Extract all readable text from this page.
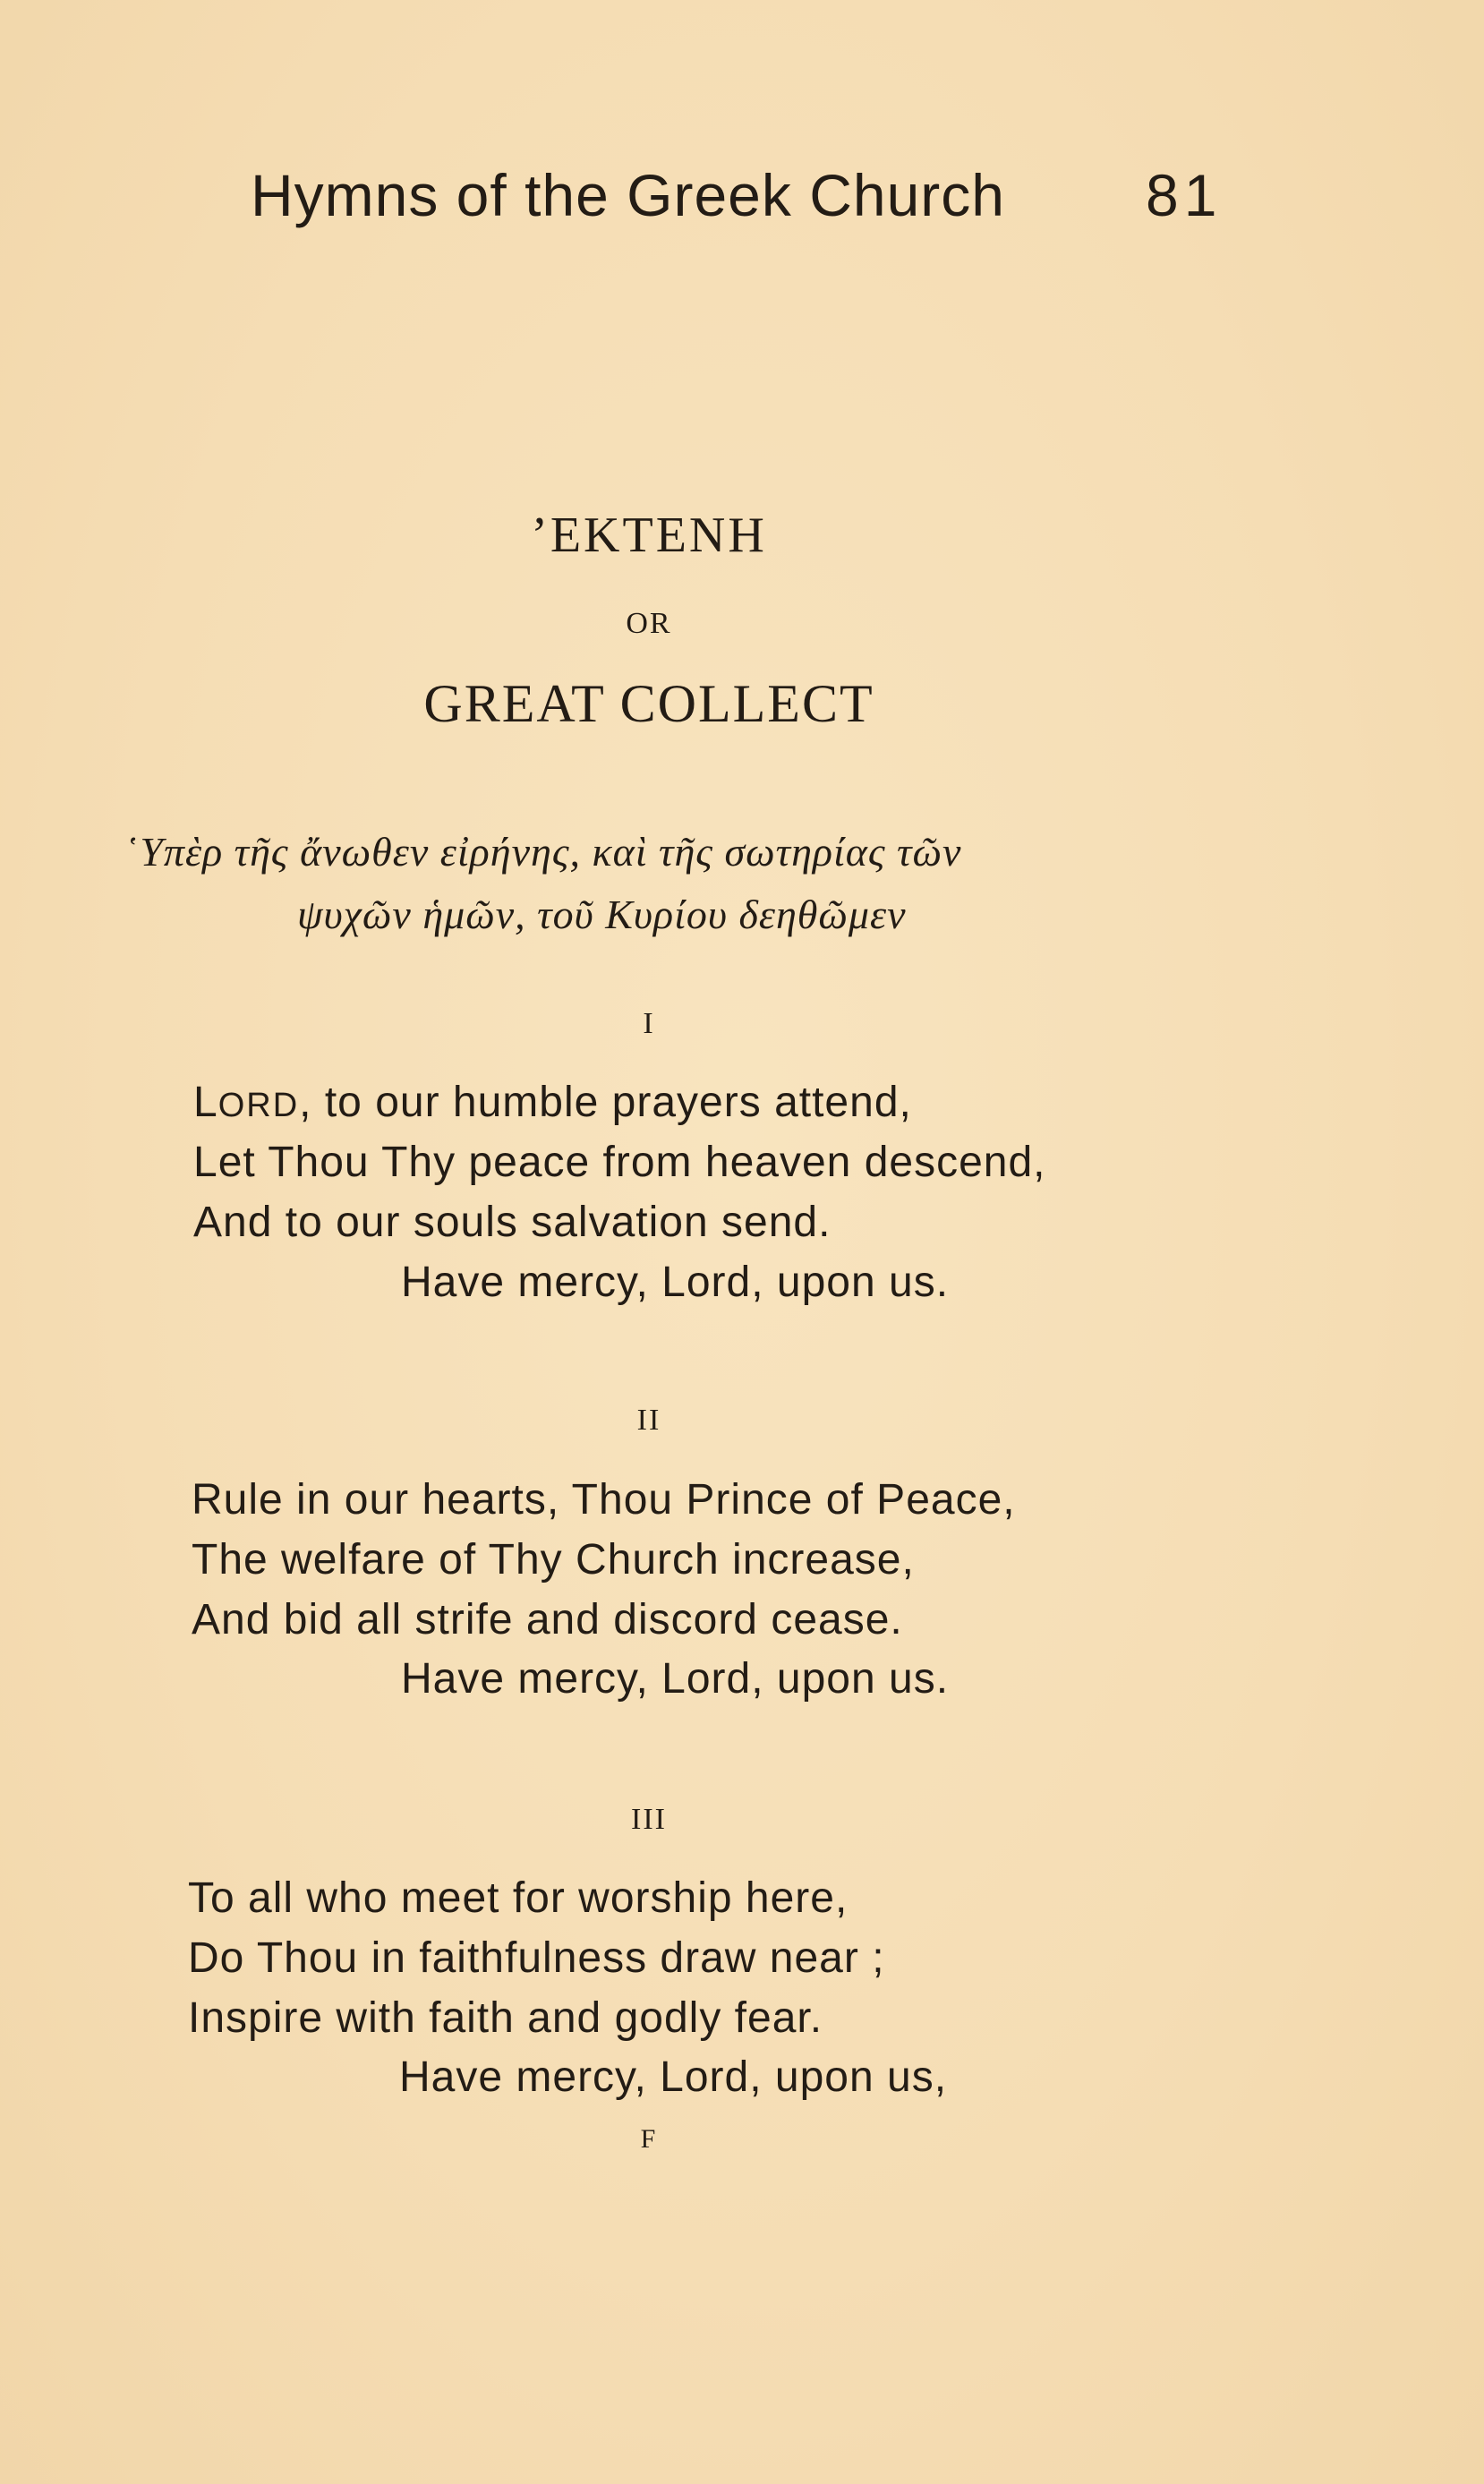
Hymns of the Greek Church 81
’EKTENH
OR
GREAT COLLECT
῾Υπὲρ τῆς ἄνωθεν εἰρήνης, καὶ τῆς σωτηρίας τῶν
ψυχῶν ἡμῶν, τοῦ Κυρίου δεηθῶμεν
I
LORD, to our humble prayers attend,
Let Thou Thy peace from heaven descend,
And to our souls salvation send.
Have mercy, Lord, upon us.
II
Rule in our hearts, Thou Prince of Peace,
The welfare of Thy Church increase,
And bid all strife and discord cease.
Have mercy, Lord, upon us.
III
To all who meet for worship here,
Do Thou in faithfulness draw near ;
Inspire with faith and godly fear.
Have mercy, Lord, upon us,
F
